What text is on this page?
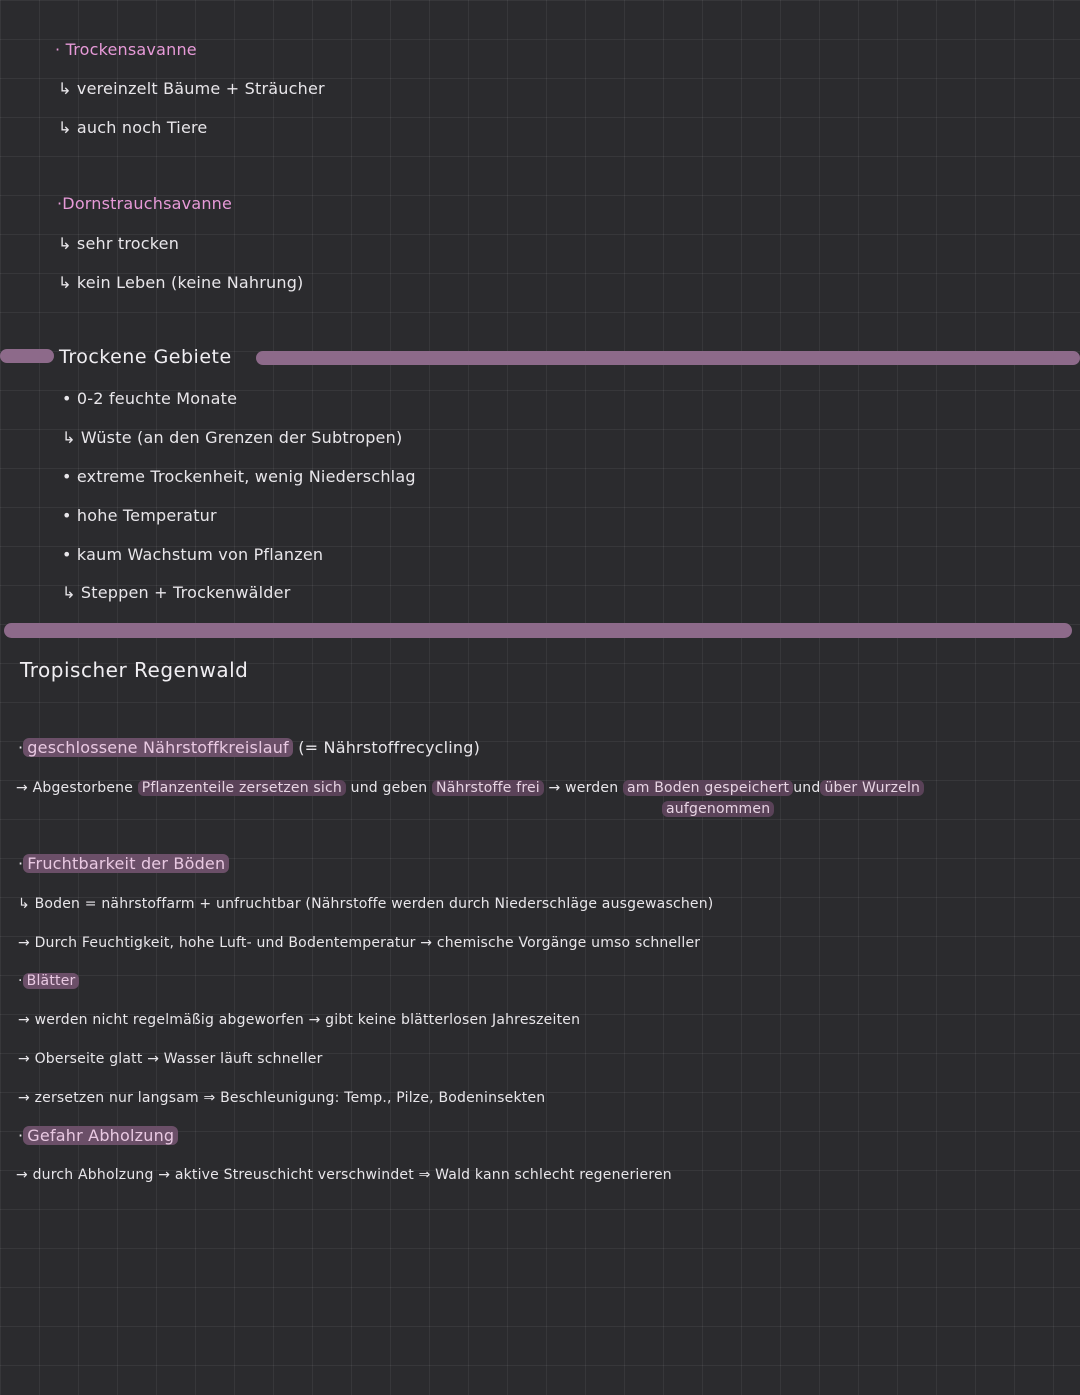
· Trockensavanne
↳ vereinzelt Bäume + Sträucher
↳ auch noch Tiere
·Dornstrauchsavanne
↳ sehr trocken
↳ kein Leben (keine Nahrung)
Trockene Gebiete
• 0-2 feuchte Monate
↳ Wüste (an den Grenzen der Subtropen)
• extreme Trockenheit, wenig Niederschlag
• hohe Temperatur
• kaum Wachstum von Pflanzen
↳ Steppen + Trockenwälder
Tropischer Regenwald
· geschlossene Nährstoffkreislauf (= Nährstoffrecycling)
→ Abgestorbene Pflanzenteile zersetzen sich und geben Nährstoffe frei → werden am Boden gespeichert und über Wurzeln
aufgenommen
· Fruchtbarkeit der Böden
↳ Boden = nährstoffarm + unfruchtbar (Nährstoffe werden durch Niederschläge ausgewaschen)
→ Durch Feuchtigkeit, hohe Luft- und Bodentemperatur → chemische Vorgänge umso schneller
· Blätter
→ werden nicht regelmäßig abgeworfen → gibt keine blätterlosen Jahreszeiten
→ Oberseite glatt → Wasser läuft schneller
→ zersetzen nur langsam ⇒ Beschleunigung: Temp., Pilze, Bodeninsekten
· Gefahr Abholzung
→ durch Abholzung → aktive Streuschicht verschwindet ⇒ Wald kann schlecht regenerieren
